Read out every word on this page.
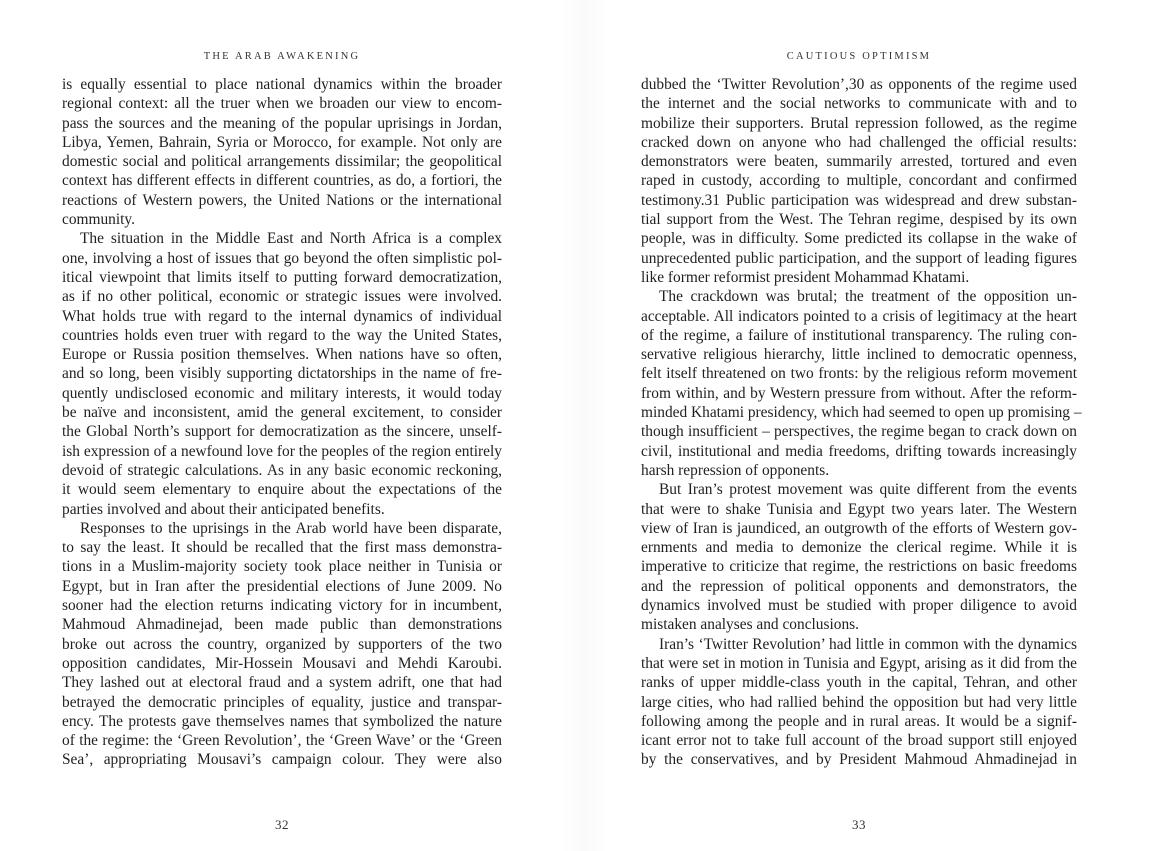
THE ARAB AWAKENING
is equally essential to place national dynamics within the broader
regional context: all the truer when we broaden our view to encom-
pass the sources and the meaning of the popular uprisings in Jordan,
Libya, Yemen, Bahrain, Syria or Morocco, for example. Not only are
domestic social and political arrangements dissimilar; the geopolitical
context has different effects in different countries, as do, a fortiori, the
reactions of Western powers, the United Nations or the international
community.
The situation in the Middle East and North Africa is a complex
one, involving a host of issues that go beyond the often simplistic pol-
itical viewpoint that limits itself to putting forward democratization,
as if no other political, economic or strategic issues were involved.
What holds true with regard to the internal dynamics of individual
countries holds even truer with regard to the way the United States,
Europe or Russia position themselves. When nations have so often,
and so long, been visibly supporting dictatorships in the name of fre-
quently undisclosed economic and military interests, it would today
be naïve and inconsistent, amid the general excitement, to consider
the Global North’s support for democratization as the sincere, unself-
ish expression of a newfound love for the peoples of the region entirely
devoid of strategic calculations. As in any basic economic reckoning,
it would seem elementary to enquire about the expectations of the
parties involved and about their anticipated benefits.
Responses to the uprisings in the Arab world have been disparate,
to say the least. It should be recalled that the first mass demonstra-
tions in a Muslim-majority society took place neither in Tunisia or
Egypt, but in Iran after the presidential elections of June 2009. No
sooner had the election returns indicating victory for in incumbent,
Mahmoud Ahmadinejad, been made public than demonstrations
broke out across the country, organized by supporters of the two
opposition candidates, Mir-Hossein Mousavi and Mehdi Karoubi.
They lashed out at electoral fraud and a system adrift, one that had
betrayed the democratic principles of equality, justice and transpar-
ency. The protests gave themselves names that symbolized the nature
of the regime: the ‘Green Revolution’, the ‘Green Wave’ or the ‘Green
Sea’, appropriating Mousavi’s campaign colour. They were also
32
CAUTIOUS OPTIMISM
dubbed the ‘Twitter Revolution’,30 as opponents of the regime used
the internet and the social networks to communicate with and to
mobilize their supporters. Brutal repression followed, as the regime
cracked down on anyone who had challenged the official results:
demonstrators were beaten, summarily arrested, tortured and even
raped in custody, according to multiple, concordant and confirmed
testimony.31 Public participation was widespread and drew substan-
tial support from the West. The Tehran regime, despised by its own
people, was in difficulty. Some predicted its collapse in the wake of
unprecedented public participation, and the support of leading figures
like former reformist president Mohammad Khatami.
The crackdown was brutal; the treatment of the opposition un-
acceptable. All indicators pointed to a crisis of legitimacy at the heart
of the regime, a failure of institutional transparency. The ruling con-
servative religious hierarchy, little inclined to democratic openness,
felt itself threatened on two fronts: by the religious reform movement
from within, and by Western pressure from without. After the reform-
minded Khatami presidency, which had seemed to open up promising –
though insufficient – perspectives, the regime began to crack down on
civil, institutional and media freedoms, drifting towards increasingly
harsh repression of opponents.
But Iran’s protest movement was quite different from the events
that were to shake Tunisia and Egypt two years later. The Western
view of Iran is jaundiced, an outgrowth of the efforts of Western gov-
ernments and media to demonize the clerical regime. While it is
imperative to criticize that regime, the restrictions on basic freedoms
and the repression of political opponents and demonstrators, the
dynamics involved must be studied with proper diligence to avoid
mistaken analyses and conclusions.
Iran’s ‘Twitter Revolution’ had little in common with the dynamics
that were set in motion in Tunisia and Egypt, arising as it did from the
ranks of upper middle-class youth in the capital, Tehran, and other
large cities, who had rallied behind the opposition but had very little
following among the people and in rural areas. It would be a signif-
icant error not to take full account of the broad support still enjoyed
by the conservatives, and by President Mahmoud Ahmadinejad in
33
